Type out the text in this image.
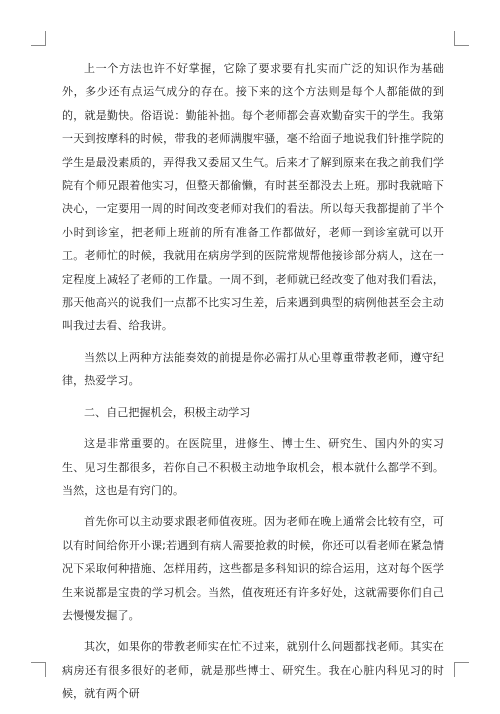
上一个方法也许不好掌握，它除了要求要有扎实而广泛的知识作为基础外，多少还有点运气成分的存在。接下来的这个方法则是每个人都能做的到的，就是勤快。俗语说：勤能补拙。每个老师都会喜欢勤奋实干的学生。我第一天到按摩科的时候，带我的老师满腹牢骚，毫不给面子地说我们针推学院的学生是最没素质的，弄得我又委屈又生气。后来才了解到原来在我之前我们学院有个师兄跟着他实习，但整天都偷懒，有时甚至都没去上班。那时我就暗下决心，一定要用一周的时间改变老师对我们的看法。所以每天我都提前了半个小时到诊室，把老师上班前的所有准备工作都做好，老师一到诊室就可以开工。老师忙的时候，我就用在病房学到的医院常规帮他接诊部分病人，这在一定程度上减轻了老师的工作量。一周不到，老师就已经改变了他对我们看法，那天他高兴的说我们一点都不比实习生差，后来遇到典型的病例他甚至会主动叫我过去看、给我讲。

当然以上两种方法能奏效的前提是你必需打从心里尊重带教老师，遵守纪律，热爱学习。

二、自己把握机会，积极主动学习

这是非常重要的。在医院里，进修生、博士生、研究生、国内外的实习生、见习生都很多，若你自己不积极主动地争取机会，根本就什么都学不到。当然，这也是有窍门的。

首先你可以主动要求跟老师值夜班。因为老师在晚上通常会比较有空，可以有时间给你开小课;若遇到有病人需要抢救的时候，你还可以看老师在紧急情况下采取何种措施、怎样用药，这些都是多科知识的综合运用，这对每个医学生来说都是宝贵的学习机会。当然，值夜班还有许多好处，这就需要你们自己去慢慢发掘了。

其次，如果你的带教老师实在忙不过来，就别什么问题都找老师。其实在病房还有很多很好的老师，就是那些博士、研究生。我在心脏内科见习的时候，就有两个研
